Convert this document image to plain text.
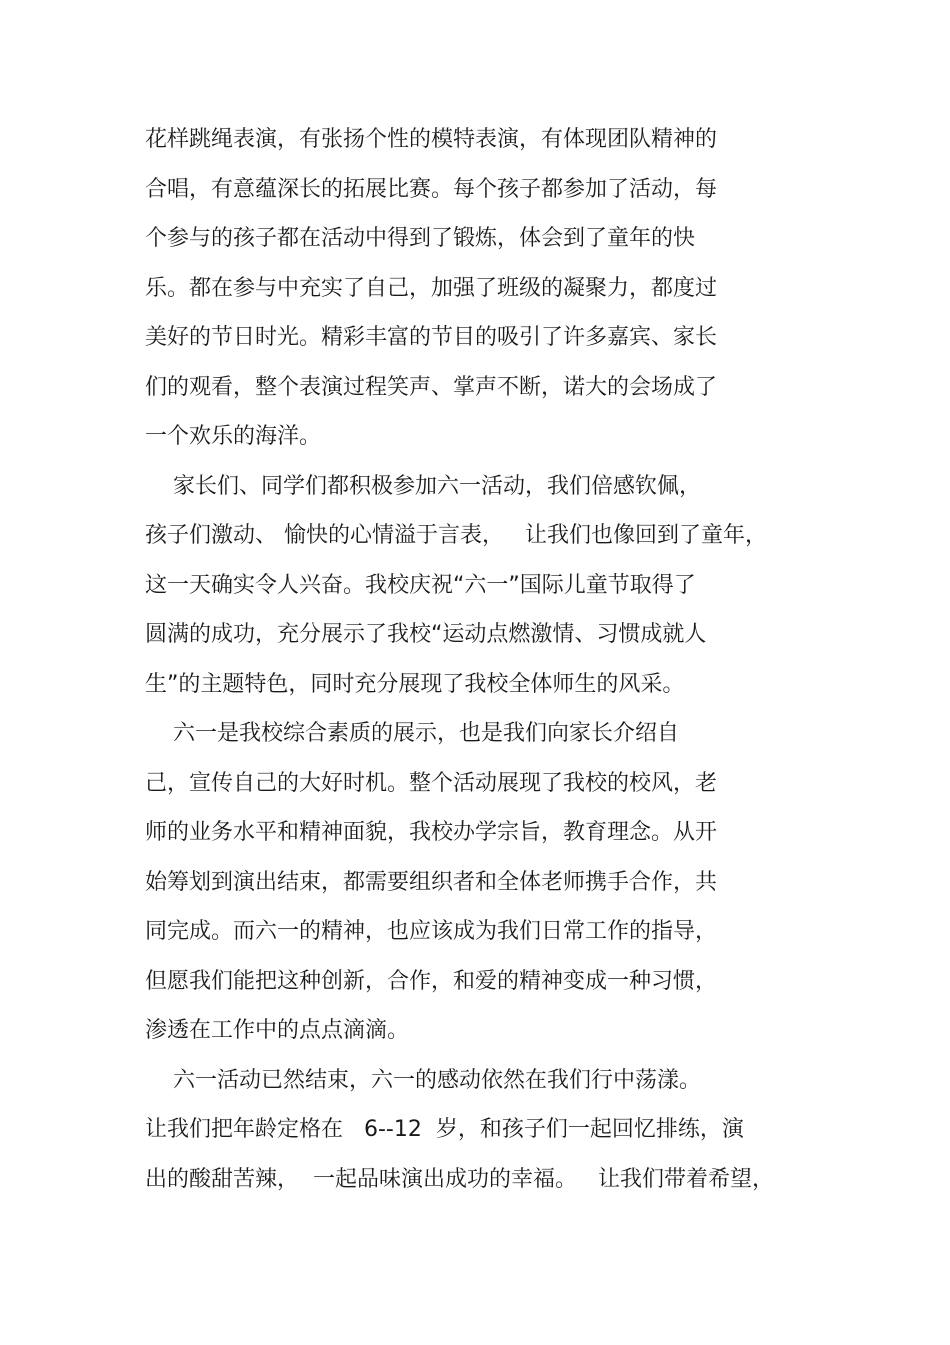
花样跳绳表演，有张扬个性的模特表演，有体现团队精神的
合唱，有意蕴深长的拓展比赛。每个孩子都参加了活动，每
个参与的孩子都在活动中得到了锻炼，体会到了童年的快
乐。都在参与中充实了自己，加强了班级的凝聚力，都度过
美好的节日时光。精彩丰富的节目的吸引了许多嘉宾、家长
们的观看，整个表演过程笑声、掌声不断，诺大的会场成了
一个欢乐的海洋。
家长们、同学们都积极参加六一活动，我们倍感钦佩，
孩子们激动、 愉快的心情溢于言表，   让我们也像回到了童年，
这一天确实令人兴奋。我校庆祝“六一”国际儿童节取得了
圆满的成功，充分展示了我校“运动点燃激情、习惯成就人
生”的主题特色，同时充分展现了我校全体师生的风采。
六一是我校综合素质的展示，也是我们向家长介绍自
己，宣传自己的大好时机。整个活动展现了我校的校风，老
师的业务水平和精神面貌，我校办学宗旨，教育理念。从开
始筹划到演出结束，都需要组织者和全体老师携手合作，共
同完成。而六一的精神，也应该成为我们日常工作的指导，
但愿我们能把这种创新，合作，和爱的精神变成一种习惯，
渗透在工作中的点点滴滴。
六一活动已然结束，六一的感动依然在我们行中荡漾。
让我们把年龄定格在   6--12  岁，和孩子们一起回忆排练，演
出的酸甜苦辣，  一起品味演出成功的幸福。   让我们带着希望，
